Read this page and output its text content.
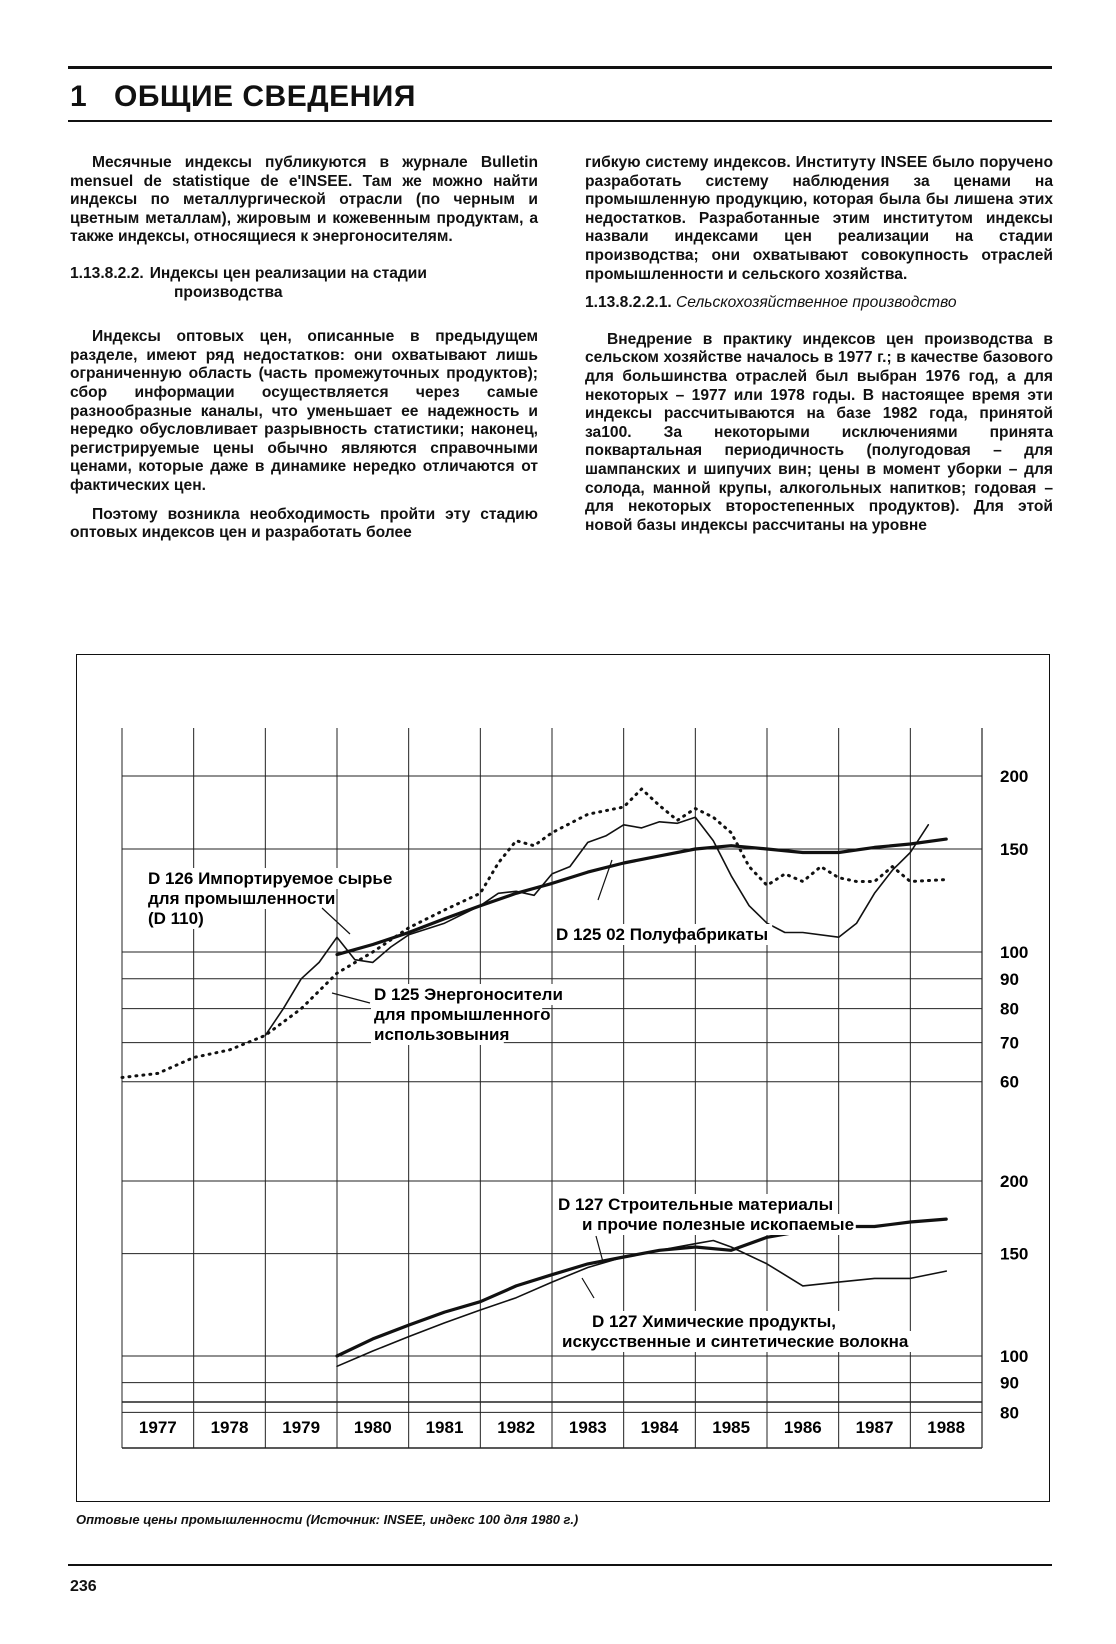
1 ОБЩИЕ СВЕДЕНИЯ

Месячные индексы публикуются в журнале Bulletin mensuel de statistique de e'INSEE. Там же можно найти индексы по металлургической отрасли (по черным и цветным металлам), жировым и кожевенным продуктам, а также индексы, относящиеся к энергоносителям.

1.13.8.2.2. Индексы цен реализации на стадии
производства

Индексы оптовых цен, описанные в предыдущем разделе, имеют ряд недостатков: они охватывают лишь ограниченную область (часть промежуточных продуктов); сбор информации осуществляется через самые разнообразные каналы, что уменьшает ее надежность и нередко обусловливает разрывность статистики; наконец, регистрируемые цены обычно являются справочными ценами, которые даже в динамике нередко отличаются от фактических цен.

Поэтому возникла необходимость пройти эту стадию оптовых индексов цен и разработать более

гибкую систему индексов. Институту INSEE было поручено разработать систему наблюдения за ценами на промышленную продукцию, которая была бы лишена этих недостатков. Разработанные этим институтом индексы назвали индексами цен реализации на стадии производства; они охватывают совокупность отраслей промышленности и сельского хозяйства.

1.13.8.2.2.1. Сельскохозяйственное производство

Внедрение в практику индексов цен производства в сельском хозяйстве началось в 1977 г.; в качестве базового для большинства отраслей был выбран 1976 год, а для некоторых – 1977 или 1978 годы. В настоящее время эти индексы рассчитываются на базе 1982 года, принятой за100. За некоторыми исключениями принята поквартальная периодичность (полугодовая – для шампанских и шипучих вин; цены в момент уборки – для солода, манной крупы, алкогольных напитков; годовая – для некоторых второстепенных продуктов). Для этой новой базы индексы рассчитаны на уровне

200
150
100
90
80
70
60
200
150
100
90
80
1977 1978 1979 1980 1981 1982 1983 1984 1985 1986 1987 1988
D 126 Импортируемое сырье
для промышленности
(D 110)
D 125 02 Полуфабрикаты
D 125 Энергоносители
для промышленного
использовыния
D 127 Строительные материалы
и прочие полезные ископаемые
D 127 Химические продукты,
искусственные и синтетические волокна
Оптовые цены промышленности (Источник: INSEE, индекс 100 для 1980 г.)
236
